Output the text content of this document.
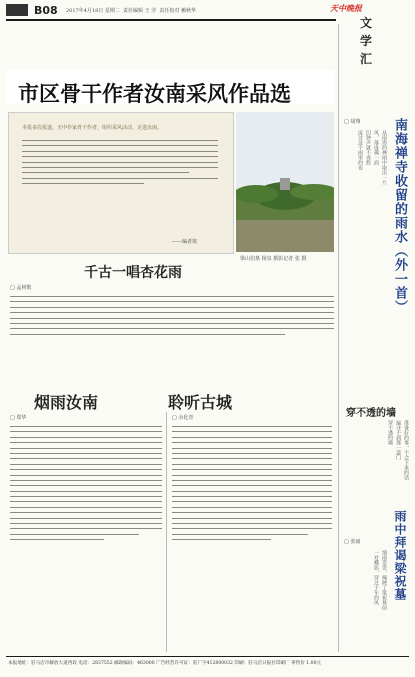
B08 2017年4月18日 星期二 责任编辑 王 莹 责任校对 赖秋华	天中晚报
文学汇
市区骨干作者汝南采风作品选
本报多次报道，天中作家骨干作者，组织采风活动，走进汝南。
——编者按
梁山伯墓 杨泉 摄影记者 张 摄
千古一唱杏花雨
□ 孟树歌
烟雨汝南	聆听古城
□ 郑华	□ 余化青
南海禅寺收留的雨水（外一首）
□ 胡翔
从南海的禅雨中取出一片
风，落成佛一面
旧钟声就不再悠
流过这个雨里的夜
穿不透的墙
准备好的事，不会下来的话
遍寻不到那一道门
穿不透的墙
雨中拜谒梁祝墓
□ 张丽
细雨霏霏，掩映了梁祝墓前
一对蝶影，穿过千年的风
本报地址：驻马店市解放大道西段 电话：2837552 邮政编码：463000 广告经营许可证：驻广字412800032 印刷：驻马店日报社印刷厂 零售价 1.00元
